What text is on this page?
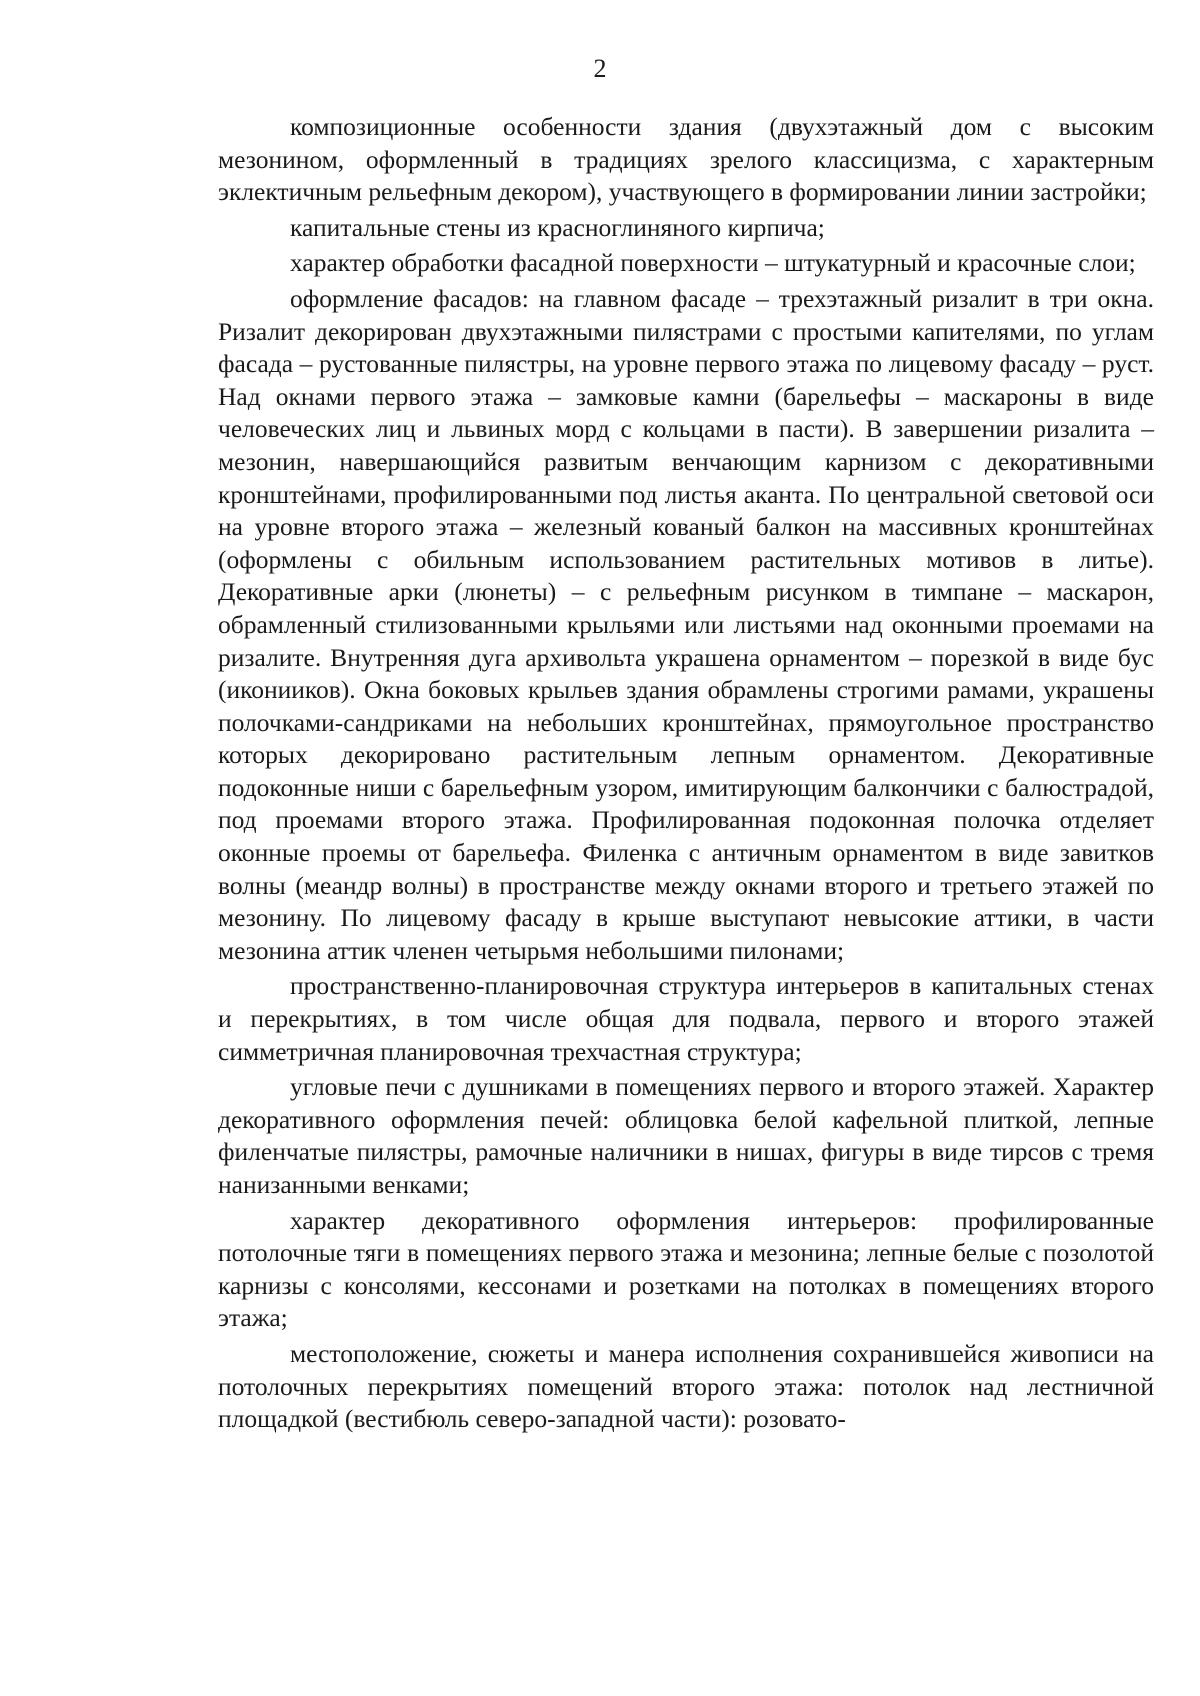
2

композиционные особенности здания (двухэтажный дом с высоким мезонином, оформленный в традициях зрелого классицизма, с характерным эклектичным рельефным декором), участвующего в формировании линии застройки;

капитальные стены из красноглиняного кирпича;

характер обработки фасадной поверхности – штукатурный и красочные слои;

оформление фасадов: на главном фасаде – трехэтажный ризалит в три окна. Ризалит декорирован двухэтажными пилястрами с простыми капителями, по углам фасада – рустованные пилястры, на уровне первого этажа по лицевому фасаду – руст. Над окнами первого этажа – замковые камни (барельефы – маскароны в виде человеческих лиц и львиных морд с кольцами в пасти). В завершении ризалита – мезонин, навершающийся развитым венчающим карнизом с декоративными кронштейнами, профилированными под листья аканта. По центральной световой оси на уровне второго этажа – железный кованый балкон на массивных кронштейнах (оформлены с обильным использованием растительных мотивов в литье). Декоративные арки (люнеты) – с рельефным рисунком в тимпане – маскарон, обрамленный стилизованными крыльями или листьями над оконными проемами на ризалите. Внутренняя дуга архивольта украшена орнаментом – порезкой в виде бус (иконииков). Окна боковых крыльев здания обрамлены строгими рамами, украшены полочками-сандриками на небольших кронштейнах, прямоугольное пространство которых декорировано растительным лепным орнаментом. Декоративные подоконные ниши с барельефным узором, имитирующим балкончики с балюстрадой, под проемами второго этажа. Профилированная подоконная полочка отделяет оконные проемы от барельефа. Филенка с античным орнаментом в виде завитков волны (меандр волны) в пространстве между окнами второго и третьего этажей по мезонину. По лицевому фасаду в крыше выступают невысокие аттики, в части мезонина аттик членен четырьмя небольшими пилонами;

пространственно-планировочная структура интерьеров в капитальных стенах и перекрытиях, в том числе общая для подвала, первого и второго этажей симметричная планировочная трехчастная структура;

угловые печи с душниками в помещениях первого и второго этажей. Характер декоративного оформления печей: облицовка белой кафельной плиткой, лепные филенчатые пилястры, рамочные наличники в нишах, фигуры в виде тирсов с тремя нанизанными венками;

характер декоративного оформления интерьеров: профилированные потолочные тяги в помещениях первого этажа и мезонина; лепные белые с позолотой карнизы с консолями, кессонами и розетками на потолках в помещениях второго этажа;

местоположение, сюжеты и манера исполнения сохранившейся живописи на потолочных перекрытиях помещений второго этажа: потолок над лестничной площадкой (вестибюль северо-западной части): розовато-
